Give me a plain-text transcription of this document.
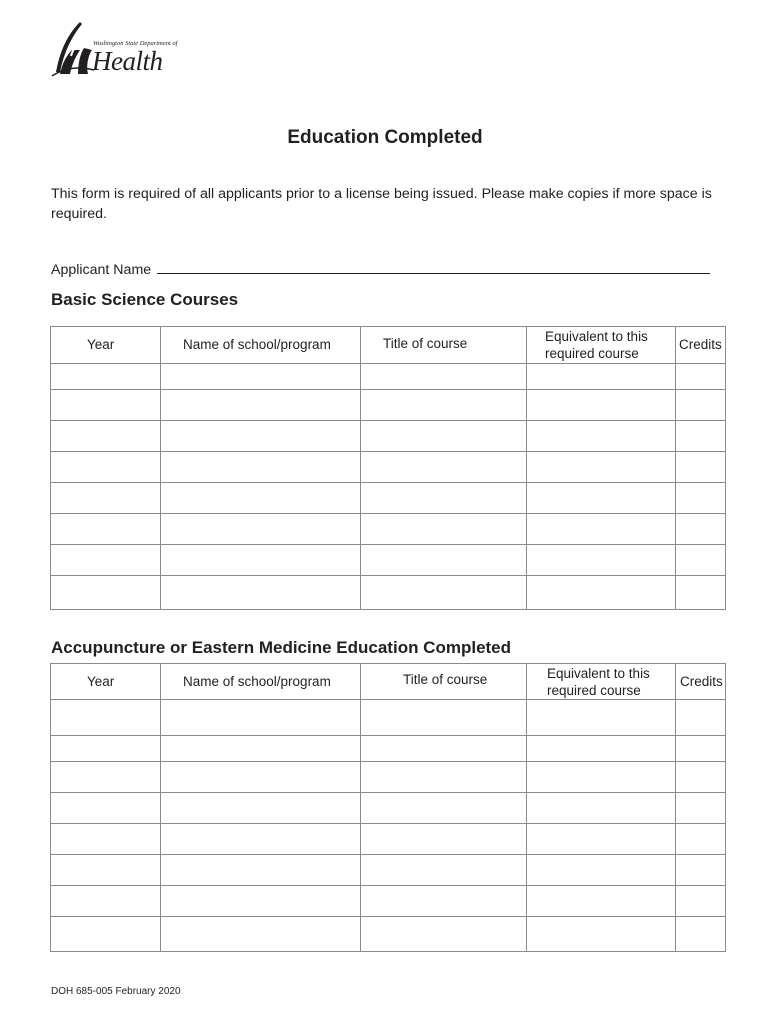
Washington State Department of
Health
Education Completed

This form is required of all applicants prior to a license being issued. Please make copies if more space is required.

Applicant Name
Basic Science Courses
Year	Name of school/program	Title of course	Equivalent to this required course	Credits

Accupuncture or Eastern Medicine Education Completed
Year	Name of school/program	Title of course	Equivalent to this required course	Credits

DOH 685-005 February 2020
